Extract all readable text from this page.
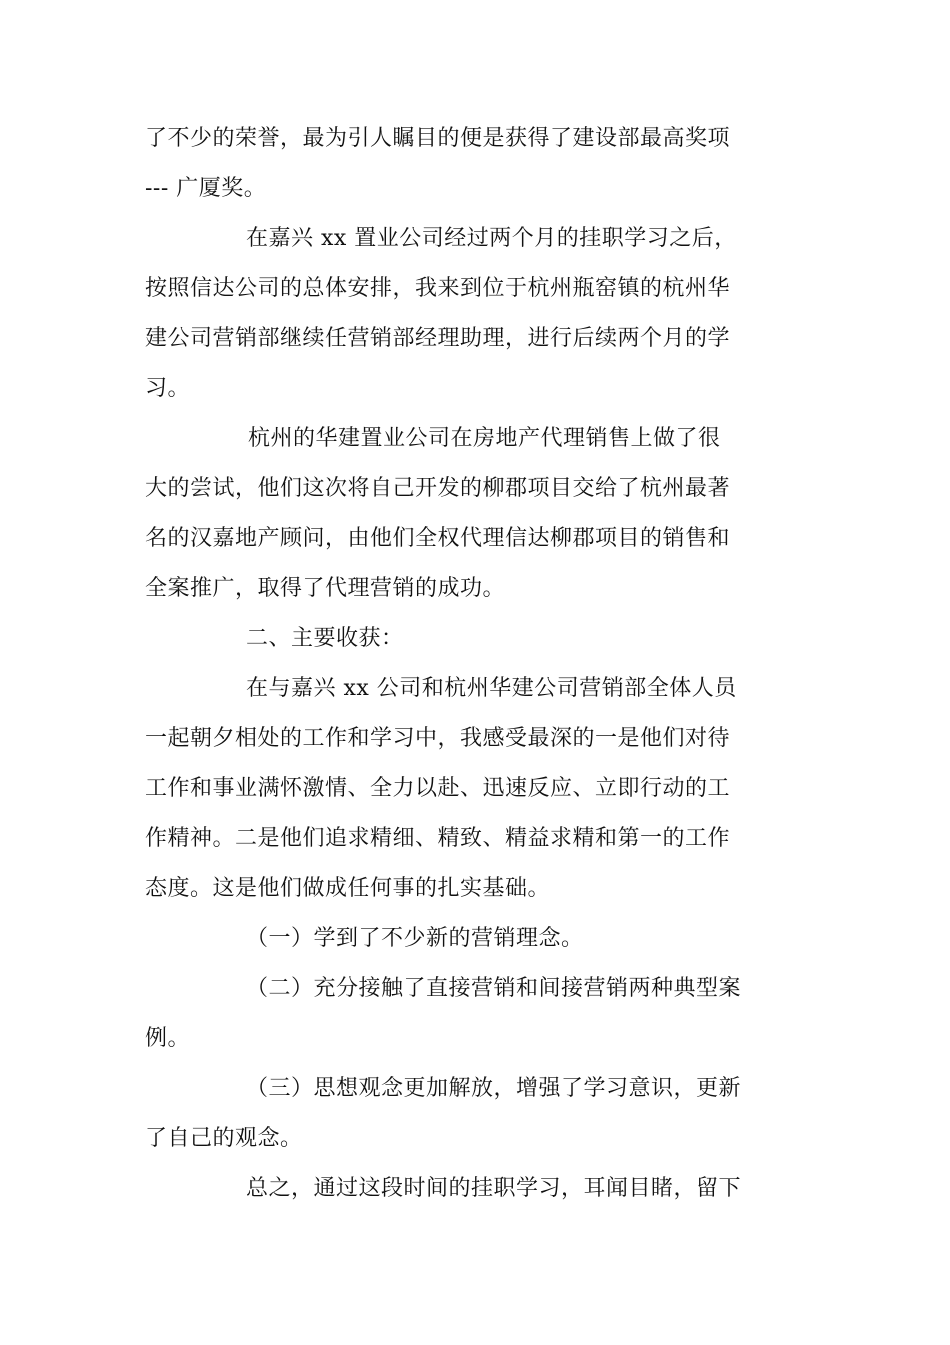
了不少的荣誉，最为引人瞩目的便是获得了建设部最高奖项
--- 广厦奖。
在嘉兴 xx 置业公司经过两个月的挂职学习之后，
按照信达公司的总体安排，我来到位于杭州瓶窑镇的杭州华
建公司营销部继续任营销部经理助理，进行后续两个月的学
习。
杭州的华建置业公司在房地产代理销售上做了很
大的尝试，他们这次将自己开发的柳郡项目交给了杭州最著
名的汉嘉地产顾问，由他们全权代理信达柳郡项目的销售和
全案推广，取得了代理营销的成功。
二、主要收获：
在与嘉兴 xx 公司和杭州华建公司营销部全体人员
一起朝夕相处的工作和学习中，我感受最深的一是他们对待
工作和事业满怀激情、全力以赴、迅速反应、立即行动的工
作精神。二是他们追求精细、精致、精益求精和第一的工作
态度。这是他们做成任何事的扎实基础。
（一）学到了不少新的营销理念。
（二）充分接触了直接营销和间接营销两种典型案
例。
（三）思想观念更加解放，增强了学习意识，更新
了自己的观念。
总之，通过这段时间的挂职学习，耳闻目睹，留下
